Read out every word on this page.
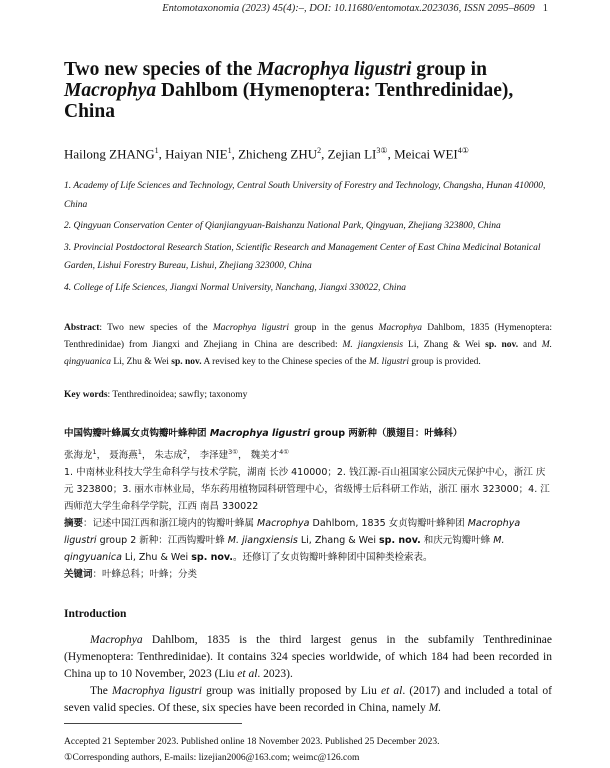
Entomotaxonomia (2023) 45(4):–, DOI: 10.11680/entomotax.2023036, ISSN 2095–8609 1
Two new species of the Macrophya ligustri group in Macrophya Dahlbom (Hymenoptera: Tenthredinidae), China
Hailong ZHANG$^1$, Haiyan NIE$^1$, Zhicheng ZHU$^2$, Zejian $LI^{3①}$, Meicai $WEI^{4①}$

1. Academy of Life Sciences and Technology, Central South University of Forestry and Technology, Changsha, Hunan 410000, China

2. Qingyuan Conservation Center of Qianjiangyuan-Baishanzu National Park, Qingyuan, Zhejiang 323800, China

3. Provincial Postdoctoral Research Station, Scientific Research and Management Center of East China Medicinal Botanical Garden, Lishui Forestry Bureau, Lishui, Zhejiang 323000, China

4. College of Life Sciences, Jiangxi Normal University, Nanchang, Jiangxi 330022, China

Abstract: Two new species of the Macrophya ligustri group in the genus Macrophya Dahlbom, 1835 (Hymenoptera: Tenthredinidae) from Jiangxi and Zhejiang in China are described: M. jiangxiensis Li, Zhang & Wei sp. nov. and M. qingyuanica Li, Zhu & Wei sp. nov. A revised key to the Chinese species of the M. ligustri group is provided.
Key words: Tenthredinoidea; sawfly; taxonomy

中国钩瓣叶蜂属女贞钩瓣叶蜂种团 Macrophya ligustri group 两新种（膜翅目：叶蜂科）

张海龙$^1$， 聂海燕$^1$， 朱志成$^2$， 李泽建$^{3①}$， 魏美才$^{4①}$

1. 中南林业科技大学生命科学与技术学院，湖南 长沙 410000；2. 钱江源-百山祖国家公园庆元保护中心，浙江 庆元 323800；3. 丽水市林业局，华东药用植物园科研管理中心，省级博士后科研工作站，浙江 丽水 323000；4. 江西师范大学生命科学学院，江西 南昌 330022

摘要：记述中国江西和浙江境内的钩瓣叶蜂属 Macrophya Dahlbom, 1835 女贞钩瓣叶蜂种团 Macrophya ligustri group 2 新种：江西钩瓣叶蜂 M. jiangxiensis Li, Zhang & Wei sp. nov. 和庆元钩瓣叶蜂 M. qingyuanica Li, Zhu & Wei sp. nov.。还修订了女贞钩瓣叶蜂种团中国种类检索表。

关键词：叶蜂总科；叶蜂；分类

Introduction

Macrophya Dahlbom, 1835 is the third largest genus in the subfamily Tenthredininae (Hymenoptera: Tenthredinidae). It contains 324 species worldwide, of which 184 had been recorded in China up to 10 November, 2023 (Liu et al. 2023).

The Macrophya ligustri group was initially proposed by Liu et al. (2017) and included a total of seven valid species. Of these, six species have been recorded in China, namely M.

Accepted 21 September 2023. Published online 18 November 2023. Published 25 December 2023.
①Corresponding authors, E-mails: lizejian2006@163.com; weimc@126.com
